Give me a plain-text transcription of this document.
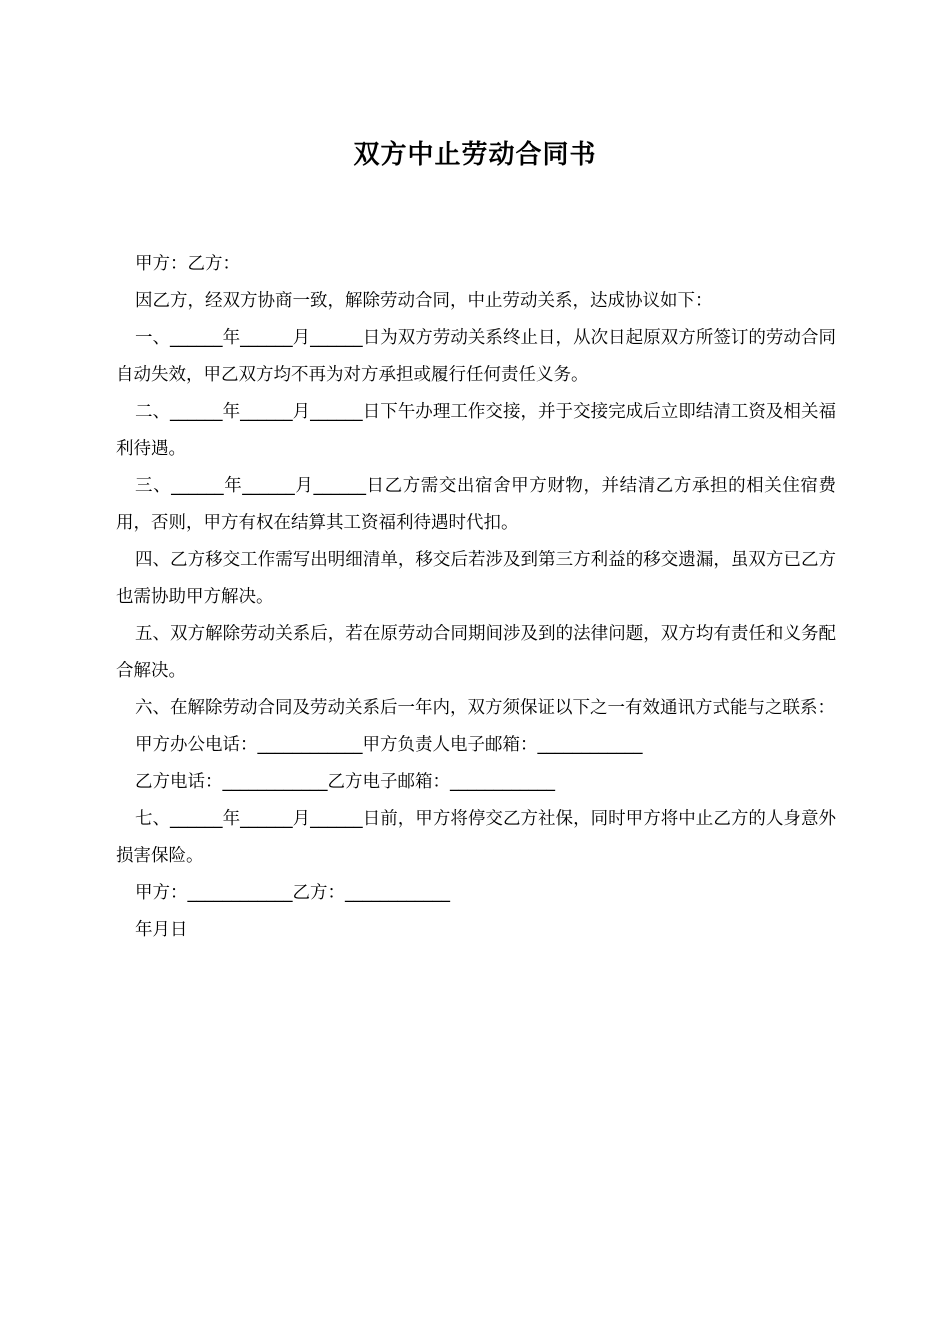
双方中止劳动合同书

甲方：乙方：

因乙方，经双方协商一致，解除劳动合同，中止劳动关系，达成协议如下：

一、______年______月______日为双方劳动关系终止日，从次日起原双方所签订的劳动合同自动失效，甲乙双方均不再为对方承担或履行任何责任义务。

二、______年______月______日下午办理工作交接，并于交接完成后立即结清工资及相关福利待遇。

三、______年______月______日乙方需交出宿舍甲方财物，并结清乙方承担的相关住宿费用，否则，甲方有权在结算其工资福利待遇时代扣。

四、乙方移交工作需写出明细清单，移交后若涉及到第三方利益的移交遗漏，虽双方已乙方也需协助甲方解决。

五、双方解除劳动关系后，若在原劳动合同期间涉及到的法律问题，双方均有责任和义务配合解决。

六、在解除劳动合同及劳动关系后一年内，双方须保证以下之一有效通讯方式能与之联系：

甲方办公电话：____________甲方负责人电子邮箱：____________

乙方电话：____________乙方电子邮箱：____________

七、______年______月______日前，甲方将停交乙方社保，同时甲方将中止乙方的人身意外损害保险。

甲方：____________乙方：____________

年月日
